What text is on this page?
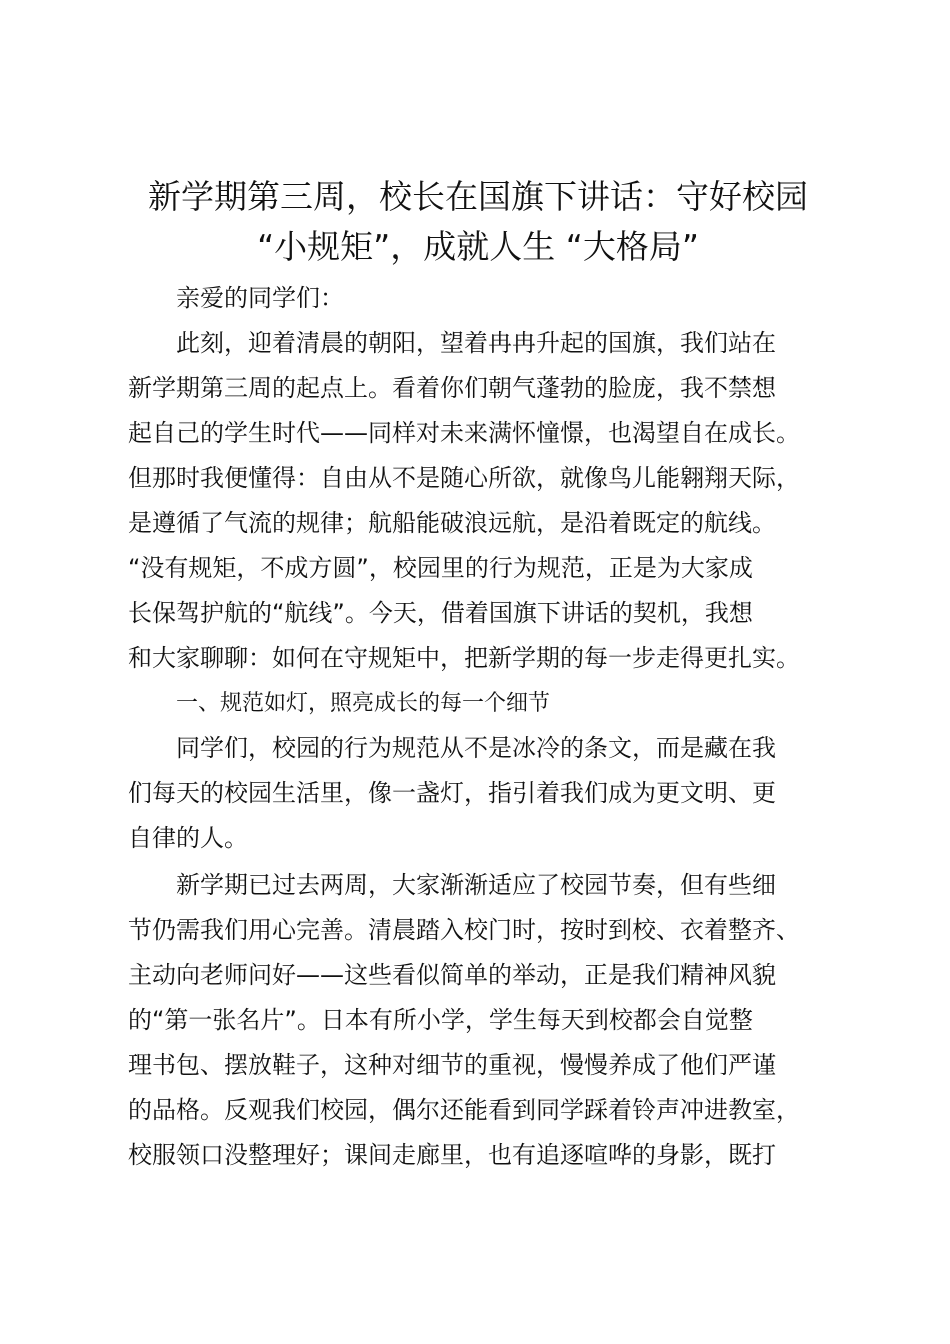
新学期第三周，校长在国旗下讲话：守好校园
“小规矩”，成就人生 “大格局”

亲爱的同学们：

此刻，迎着清晨的朝阳，望着冉冉升起的国旗，我们站在
新学期第三周的起点上。看着你们朝气蓬勃的脸庞，我不禁想
起自己的学生时代——同样对未来满怀憧憬，也渴望自在成长。
但那时我便懂得：自由从不是随心所欲，就像鸟儿能翱翔天际，
是遵循了气流的规律；航船能破浪远航，是沿着既定的航线。
“没有规矩，不成方圆”，校园里的行为规范，正是为大家成
长保驾护航的“航线”。今天，借着国旗下讲话的契机，我想
和大家聊聊：如何在守规矩中，把新学期的每一步走得更扎实。

一、规范如灯，照亮成长的每一个细节

同学们，校园的行为规范从不是冰冷的条文，而是藏在我
们每天的校园生活里，像一盏灯，指引着我们成为更文明、更
自律的人。

新学期已过去两周，大家渐渐适应了校园节奏，但有些细
节仍需我们用心完善。清晨踏入校门时，按时到校、衣着整齐、
主动向老师问好——这些看似简单的举动，正是我们精神风貌
的“第一张名片”。日本有所小学，学生每天到校都会自觉整
理书包、摆放鞋子，这种对细节的重视，慢慢养成了他们严谨
的品格。反观我们校园，偶尔还能看到同学踩着铃声冲进教室，
校服领口没整理好；课间走廊里，也有追逐喧哗的身影，既打
